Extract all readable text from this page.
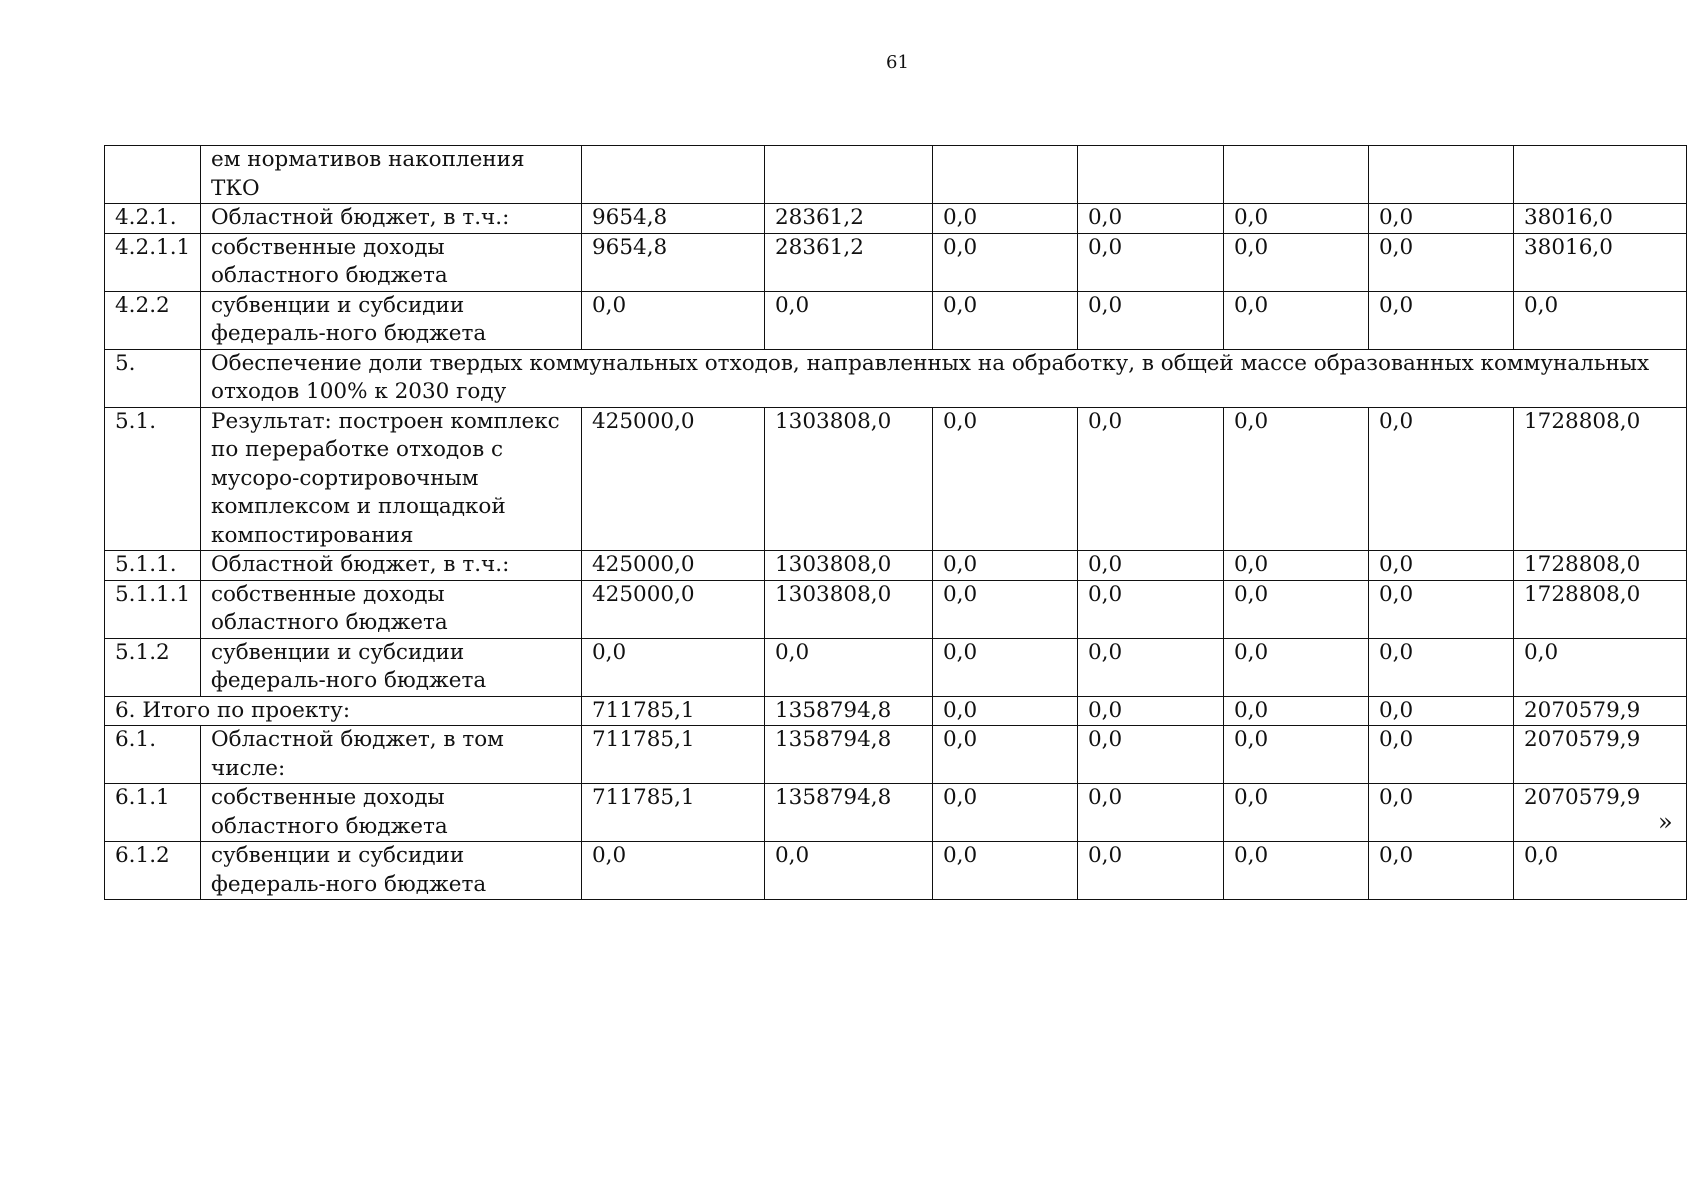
61
	ем нормативов накопления ТКО							
4.2.1.	Областной бюджет, в т.ч.:	9654,8	28361,2	0,0	0,0	0,0	0,0	38016,0
4.2.1.1	собственные доходы областного бюджета	9654,8	28361,2	0,0	0,0	0,0	0,0	38016,0
4.2.2	субвенции и субсидии федераль-ного бюджета	0,0	0,0	0,0	0,0	0,0	0,0	0,0
5.	Обеспечение доли твердых коммунальных отходов, направленных на обработку, в общей массе образованных коммунальных отходов 100% к 2030 году							
5.1.	Результат: построен комплекс по переработке отходов с мусоро-сортировочным комплексом и площадкой компостирования	425000,0	1303808,0	0,0	0,0	0,0	0,0	1728808,0
5.1.1.	Областной бюджет, в т.ч.:	425000,0	1303808,0	0,0	0,0	0,0	0,0	1728808,0
5.1.1.1	собственные доходы областного бюджета	425000,0	1303808,0	0,0	0,0	0,0	0,0	1728808,0
5.1.2	субвенции и субсидии федераль-ного бюджета	0,0	0,0	0,0	0,0	0,0	0,0	0,0
6. Итого по проекту:		711785,1	1358794,8	0,0	0,0	0,0	0,0	2070579,9
6.1.	Областной бюджет, в том числе:	711785,1	1358794,8	0,0	0,0	0,0	0,0	2070579,9
6.1.1	собственные доходы областного бюджета	711785,1	1358794,8	0,0	0,0	0,0	0,0	2070579,9
6.1.2	субвенции и субсидии федераль-ного бюджета	0,0	0,0	0,0	0,0	0,0	0,0	0,0
»
